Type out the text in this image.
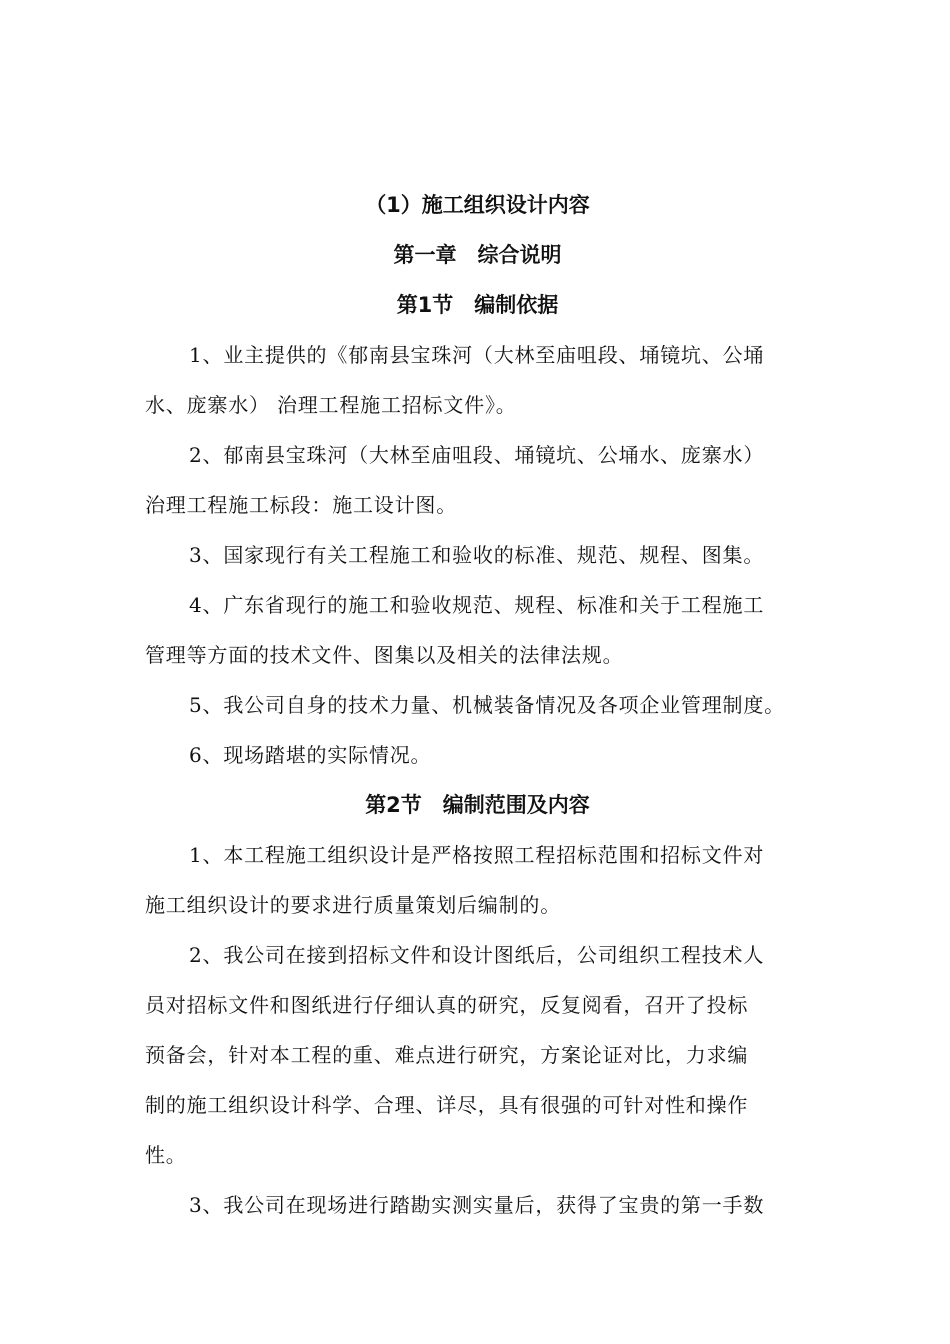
（1）施工组织设计内容
第一章　综合说明
第1节　编制依据
1、业主提供的《郁南县宝珠河（大林至庙咀段、埇镜坑、公埇
水、庞寨水） 治理工程施工招标文件》。
2、郁南县宝珠河（大林至庙咀段、埇镜坑、公埇水、庞寨水）
治理工程施工标段：施工设计图。
3、国家现行有关工程施工和验收的标准、规范、规程、图集。
4、广东省现行的施工和验收规范、规程、标准和关于工程施工
管理等方面的技术文件、图集以及相关的法律法规。
5、我公司自身的技术力量、机械装备情况及各项企业管理制度。
6、现场踏堪的实际情况。
第2节　编制范围及内容
1、本工程施工组织设计是严格按照工程招标范围和招标文件对
施工组织设计的要求进行质量策划后编制的。
2、我公司在接到招标文件和设计图纸后，公司组织工程技术人
员对招标文件和图纸进行仔细认真的研究，反复阅看，召开了投标
预备会，针对本工程的重、难点进行研究，方案论证对比，力求编
制的施工组织设计科学、合理、详尽，具有很强的可针对性和操作
性。
3、我公司在现场进行踏勘实测实量后，获得了宝贵的第一手数
